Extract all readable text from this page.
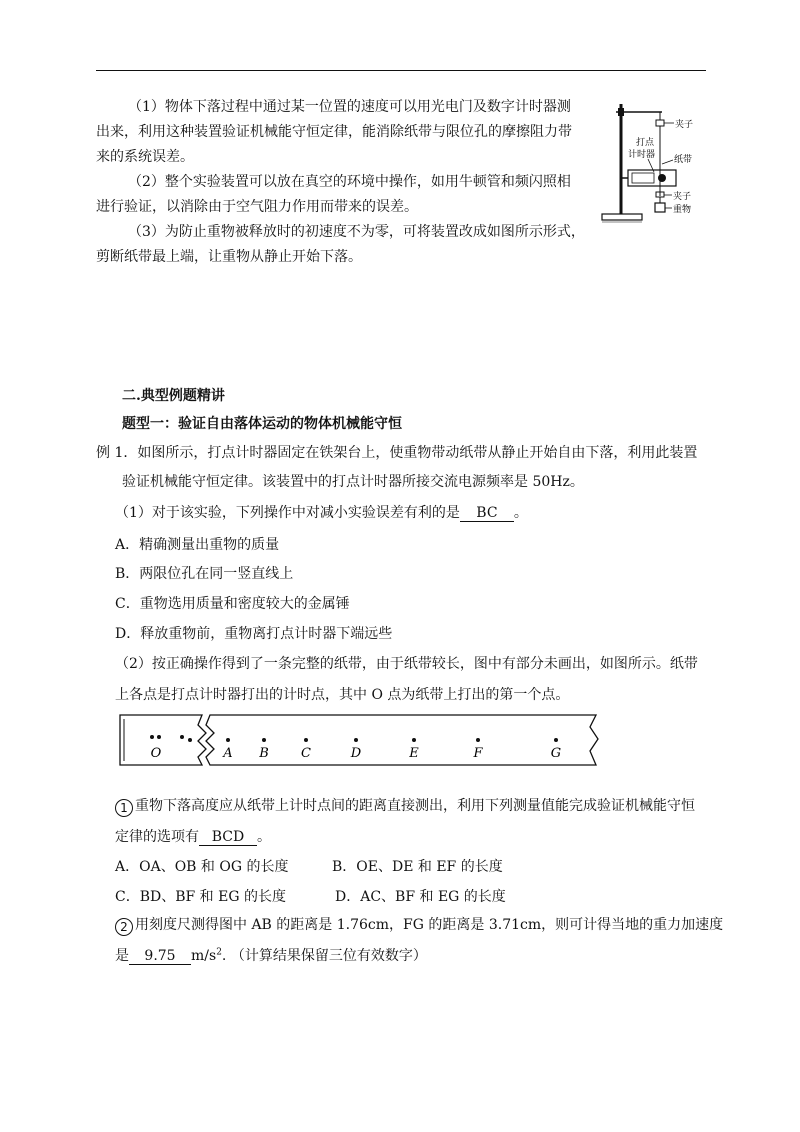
（1）物体下落过程中通过某一位置的速度可以用光电门及数字计时器测
出来，利用这种装置验证机械能守恒定律，能消除纸带与限位孔的摩擦阻力带
来的系统误差。
（2）整个实验装置可以放在真空的环境中操作，如用牛顿管和频闪照相
进行验证，以消除由于空气阻力作用而带来的误差。
（3）为防止重物被释放时的初速度不为零，可将装置改成如图所示形式，
剪断纸带最上端，让重物从静止开始下落。
夹子
打点
计时器 纸带
夹子
重物
二.典型例题精讲
题型一：验证自由落体运动的物体机械能守恒
例 1．如图所示，打点计时器固定在铁架台上，使重物带动纸带从静止开始自由下落，利用此装置
验证机械能守恒定律。该装置中的打点计时器所接交流电源频率是 50Hz。
（1）对于该实验，下列操作中对减小实验误差有利的是 BC 。
A．精确测量出重物的质量
B．两限位孔在同一竖直线上
C．重物选用质量和密度较大的金属锤
D．释放重物前，重物离打点计时器下端远些
（2）按正确操作得到了一条完整的纸带，由于纸带较长，图中有部分未画出，如图所示。纸带
上各点是打点计时器打出的计时点，其中 O 点为纸带上打出的第一个点。
O	A B C	D	E	F	G
1 重物下落高度应从纸带上计时点间的距离直接测出，利用下列测量值能完成验证机械能守恒
定律的选项有 BCD 。
A．OA、OB 和 OG 的长度	B．OE、DE 和 EF 的长度
C．BD、BF 和 EG 的长度	D．AC、BF 和 EG 的长度
2 用刻度尺测得图中 AB 的距离是 1.76cm，FG 的距离是 3.71cm，则可计得当地的重力加速度
是 9.75 $m/s^2$. （计算结果保留三位有效数字）
